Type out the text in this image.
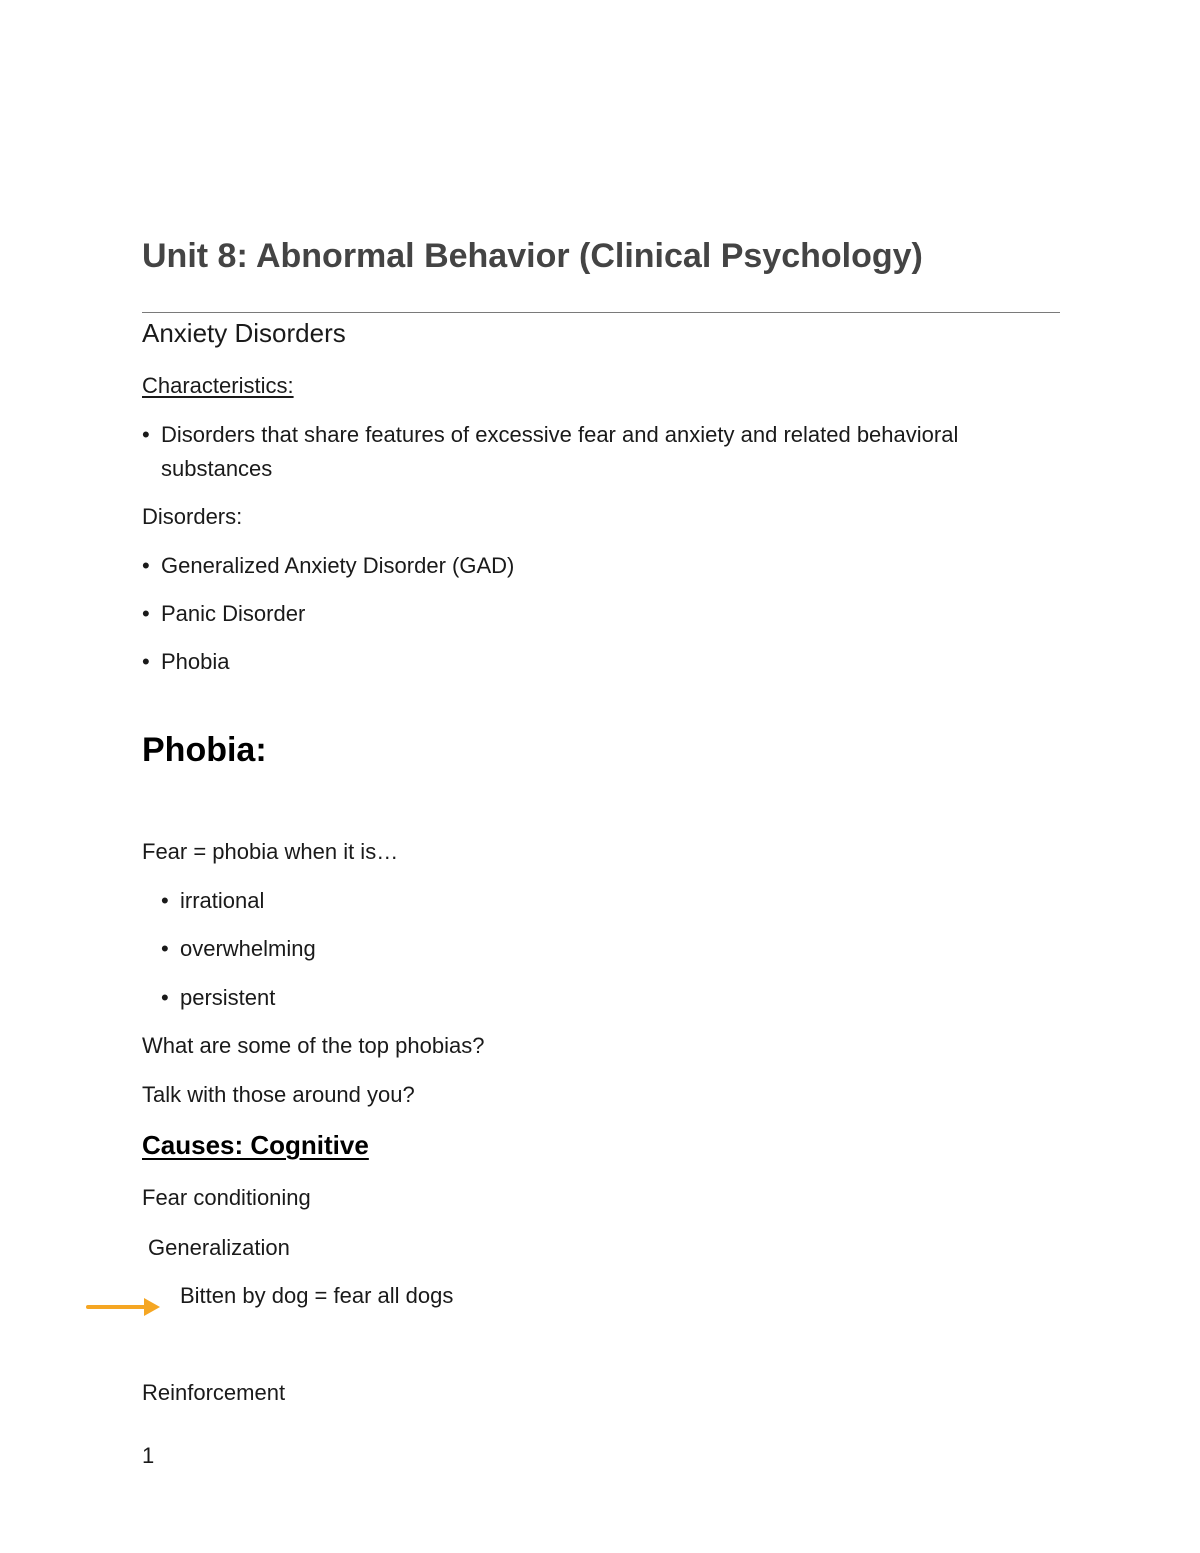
Unit 8: Abnormal Behavior (Clinical Psychology)
Anxiety Disorders
Characteristics:
• Disorders that share features of excessive fear and anxiety and related behavioral
substances
Disorders:
• Generalized Anxiety Disorder (GAD)
• Panic Disorder
• Phobia
Phobia:
Fear = phobia when it is…
• irrational
• overwhelming
• persistent
What are some of the top phobias?
Talk with those around you?
Causes: Cognitive
Fear conditioning
Generalization
Bitten by dog = fear all dogs
Reinforcement
1
